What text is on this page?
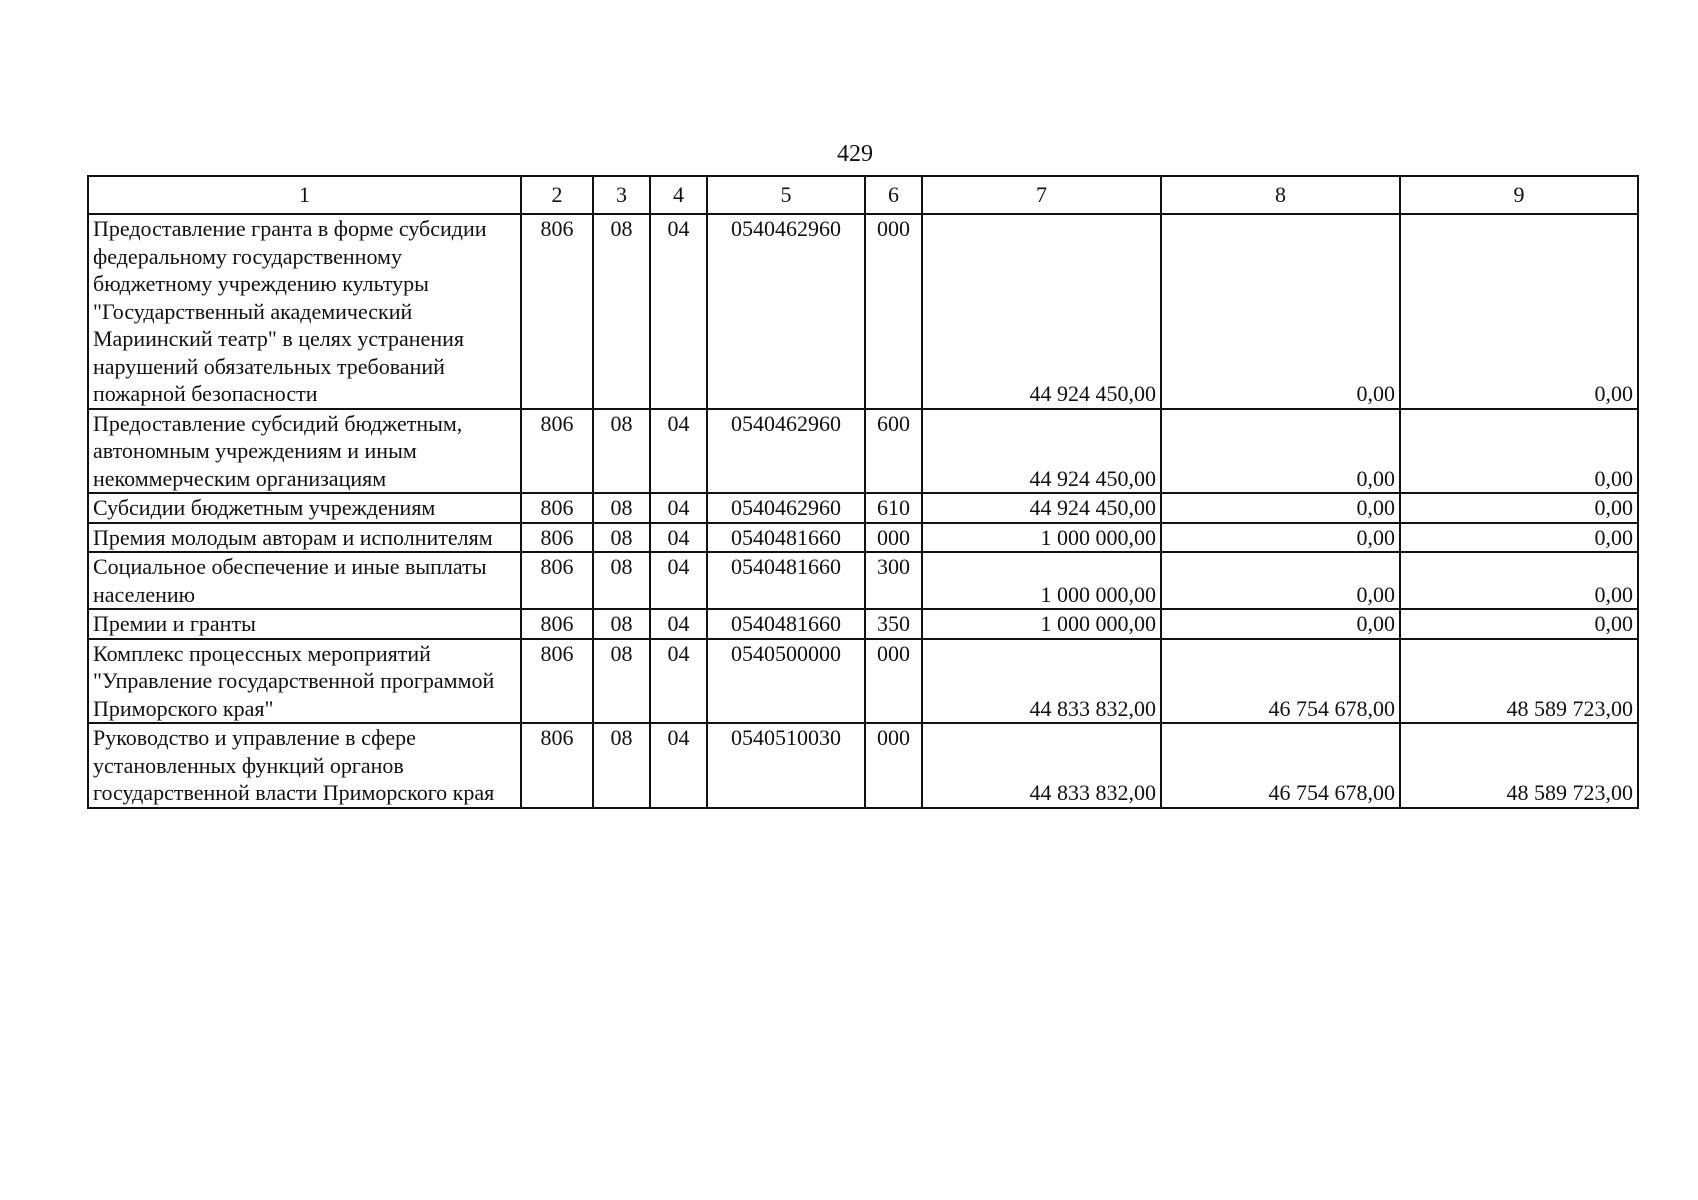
429
1	2	3	4	5	6	7	8	9
Предоставление гранта в форме субсидии федеральному государственному бюджетному учреждению культуры "Государственный академический Мариинский театр" в целях устранения нарушений обязательных требований пожарной безопасности	806	08	04	0540462960	000	44 924 450,00	0,00	0,00
Предоставление субсидий бюджетным, автономным учреждениям и иным некоммерческим организациям	806	08	04	0540462960	600	44 924 450,00	0,00	0,00
Субсидии бюджетным учреждениям	806	08	04	0540462960	610	44 924 450,00	0,00	0,00
Премия молодым авторам и исполнителям	806	08	04	0540481660	000	1 000 000,00	0,00	0,00
Социальное обеспечение и иные выплаты населению	806	08	04	0540481660	300	1 000 000,00	0,00	0,00
Премии и гранты	806	08	04	0540481660	350	1 000 000,00	0,00	0,00
Комплекс процессных мероприятий "Управление государственной программой Приморского края"	806	08	04	0540500000	000	44 833 832,00	46 754 678,00	48 589 723,00
Руководство и управление в сфере установленных функций органов государственной власти Приморского края	806	08	04	0540510030	000	44 833 832,00	46 754 678,00	48 589 723,00
